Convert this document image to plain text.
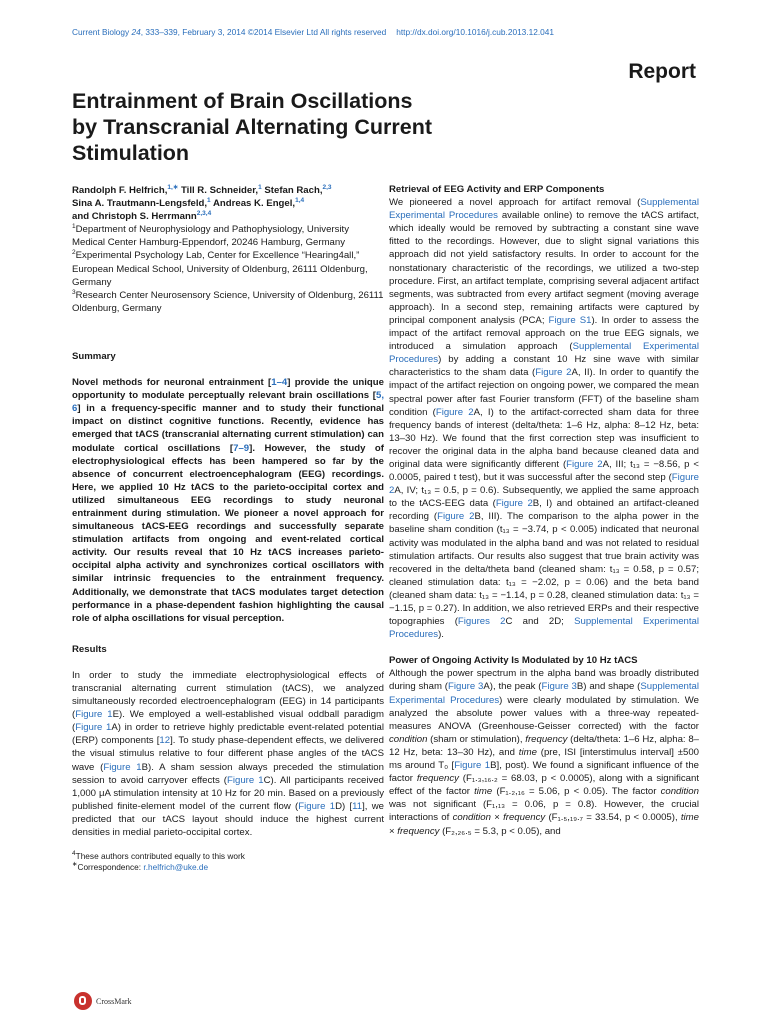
Current Biology 24, 333–339, February 3, 2014 ©2014 Elsevier Ltd All rights reserved http://dx.doi.org/10.1016/j.cub.2013.12.041
Report
Entrainment of Brain Oscillations by Transcranial Alternating Current Stimulation
Randolph F. Helfrich,$^{1,∗}$ Till R. Schneider,$^1$ Stefan Rach,$^{2,3}$
Sina A. Trautmann-Lengsfeld,$^1$ Andreas K. Engel,$^{1,4}$
and Christoph S. Herrmann$^{2,3,4}$

$^1$Department of Neurophysiology and Pathophysiology, University Medical Center Hamburg-Eppendorf, 20246 Hamburg, Germany

$^2$Experimental Psychology Lab, Center for Excellence “Hearing4all,” European Medical School, University of Oldenburg, 26111 Oldenburg, Germany

$^3$Research Center Neurosensory Science, University of Oldenburg, 26111 Oldenburg, Germany

Summary

Novel methods for neuronal entrainment [1–4] provide the unique opportunity to modulate perceptually relevant brain oscillations [5, 6] in a frequency-specific manner and to study their functional impact on distinct cognitive functions. Recently, evidence has emerged that tACS (transcranial alternating current stimulation) can modulate cortical oscillations [7–9]. However, the study of electrophysiological effects has been hampered so far by the absence of concurrent electroencephalogram (EEG) recordings. Here, we applied 10 Hz tACS to the parieto-occipital cortex and utilized simultaneous EEG recordings to study neuronal entrainment during stimulation. We pioneer a novel approach for simultaneous tACS-EEG recordings and successfully separate stimulation artifacts from ongoing and event-related cortical activity. Our results reveal that 10 Hz tACS increases parieto-occipital alpha activity and synchronizes cortical oscillators with similar intrinsic frequencies to the entrainment frequency. Additionally, we demonstrate that tACS modulates target detection performance in a phase-dependent fashion highlighting the causal role of alpha oscillations for visual perception.

Results

In order to study the immediate electrophysiological effects of transcranial alternating current stimulation (tACS), we analyzed simultaneously recorded electroencephalogram (EEG) in 14 participants (Figure 1E). We employed a well-established visual oddball paradigm (Figure 1A) in order to retrieve highly predictable event-related potential (ERP) components [12]. To study phase-dependent effects, we delivered the visual stimulus relative to four different phase angles of the tACS wave (Figure 1B). A sham session always preceded the stimulation session to avoid carryover effects (Figure 1C). All participants received 1,000 μA stimulation intensity at 10 Hz for 20 min. Based on a previously published finite-element model of the current flow (Figure 1D) [11], we predicted that our tACS layout should induce the highest current densities in medial parieto-occipital cortex.

$^4$These authors contributed equally to this work

∗Correspondence: r.helfrich@uke.de

CrossMark

Retrieval of EEG Activity and ERP Components

We pioneered a novel approach for artifact removal (Supplemental Experimental Procedures available online) to remove the tACS artifact, which ideally would be removed by subtracting a constant sine wave fitted to the recordings. However, due to slight signal variations this approach did not yield satisfactory results. In order to account for the nonstationary characteristic of the recordings, we utilized a two-step procedure. First, an artifact template, comprising several adjacent artifact segments, was subtracted from every artifact segment (moving average approach). In a second step, remaining artifacts were captured by principal component analysis (PCA; Figure S1). In order to assess the impact of the artifact removal approach on the true EEG signals, we introduced a simulation approach (Supplemental Experimental Procedures) by adding a constant 10 Hz sine wave with similar characteristics to the sham data (Figure 2A, II). In order to quantify the impact of the artifact rejection on ongoing power, we compared the mean spectral power after fast Fourier transform (FFT) of the baseline sham condition (Figure 2A, I) to the artifact-corrected sham data for three frequency bands of interest (delta/theta: 1–6 Hz, alpha: 8–12 Hz, beta: 13–30 Hz). We found that the first correction step was insufficient to recover the original data in the alpha band because cleaned data and original data were significantly different (Figure 2A, III; t₁₃ = −8.56, p < 0.0005, paired t test), but it was successful after the second step (Figure 2A, IV; t₁₃ = 0.5, p = 0.6). Subsequently, we applied the same approach to the tACS-EEG data (Figure 2B, I) and obtained an artifact-cleaned recording (Figure 2B, III). The comparison to the alpha power in the baseline sham condition (t₁₃ = −3.74, p < 0.005) indicated that neuronal activity was modulated in the alpha band and was not related to residual stimulation artifacts. Our results also suggest that true brain activity was recovered in the delta/theta band (cleaned sham: t₁₃ = 0.58, p = 0.57; cleaned stimulation data: t₁₃ = −2.02, p = 0.06) and the beta band (cleaned sham data: t₁₃ = −1.14, p = 0.28, cleaned stimulation data: t₁₃ = −1.15, p = 0.27). In addition, we also retrieved ERPs and their respective topographies (Figures 2C and 2D; Supplemental Experimental Procedures).

Power of Ongoing Activity Is Modulated by 10 Hz tACS

Although the power spectrum in the alpha band was broadly distributed during sham (Figure 3A), the peak (Figure 3B) and shape (Supplemental Experimental Procedures) were clearly modulated by stimulation. We analyzed the absolute power values with a three-way repeated-measures ANOVA (Greenhouse-Geisser corrected) with the factor condition (sham or stimulation), frequency (delta/theta: 1–6 Hz, alpha: 8–12 Hz, beta: 13–30 Hz), and time (pre, ISI [interstimulus interval] ±500 ms around T₀ [Figure 1B], post). We found a significant influence of the factor frequency (F₁.₃,₁₆.₂ = 68.03, p < 0.0005), along with a significant effect of the factor time (F₁.₂,₁₆ = 5.06, p < 0.05). The factor condition was not significant (F₁,₁₃ = 0.06, p = 0.8). However, the crucial interactions of condition × frequency (F₁.₅,₁₉.₇ = 33.54, p < 0.0005), time × frequency (F₂,₂₆.₅ = 5.3, p < 0.05), and
